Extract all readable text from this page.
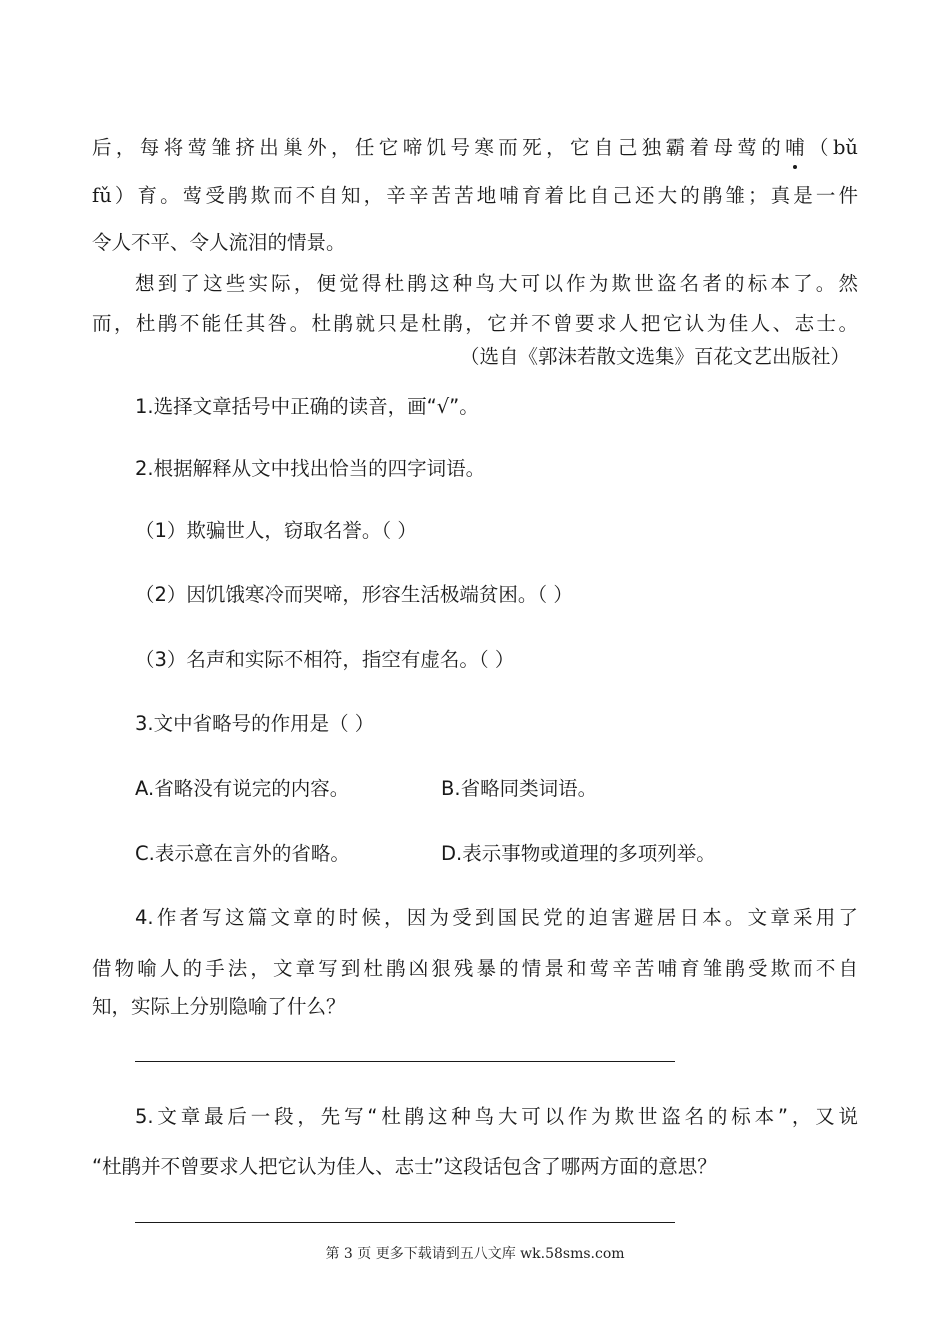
后，每将莺雏挤出巢外，任它啼饥号寒而死，它自己独霸着母莺的哺（bǔ
fǔ）育。莺受鹃欺而不自知，辛辛苦苦地哺育着比自己还大的鹃雏；真是一件
令人不平、令人流泪的情景。
想到了这些实际，便觉得杜鹃这种鸟大可以作为欺世盗名者的标本了。然
而，杜鹃不能任其咎。杜鹃就只是杜鹃，它并不曾要求人把它认为佳人、志士。
（选自《郭沫若散文选集》百花文艺出版社）
1.选择文章括号中正确的读音，画“√”。
2.根据解释从文中找出恰当的四字词语。
（1）欺骗世人，窃取名誉。（ ）
（2）因饥饿寒冷而哭啼，形容生活极端贫困。（ ）
（3）名声和实际不相符，指空有虚名。（ ）
3.文中省略号的作用是（ ）
A.省略没有说完的内容。	B.省略同类词语。
C.表示意在言外的省略。	D.表示事物或道理的多项列举。
4.作者写这篇文章的时候，因为受到国民党的迫害避居日本。文章采用了
借物喻人的手法，文章写到杜鹃凶狠残暴的情景和莺辛苦哺育雏鹃受欺而不自
知，实际上分别隐喻了什么？
5.文章最后一段，先写“杜鹃这种鸟大可以作为欺世盗名的标本”，又说
“杜鹃并不曾要求人把它认为佳人、志士”这段话包含了哪两方面的意思？
第 3 页 更多下载请到五八文库 wk.58sms.com
